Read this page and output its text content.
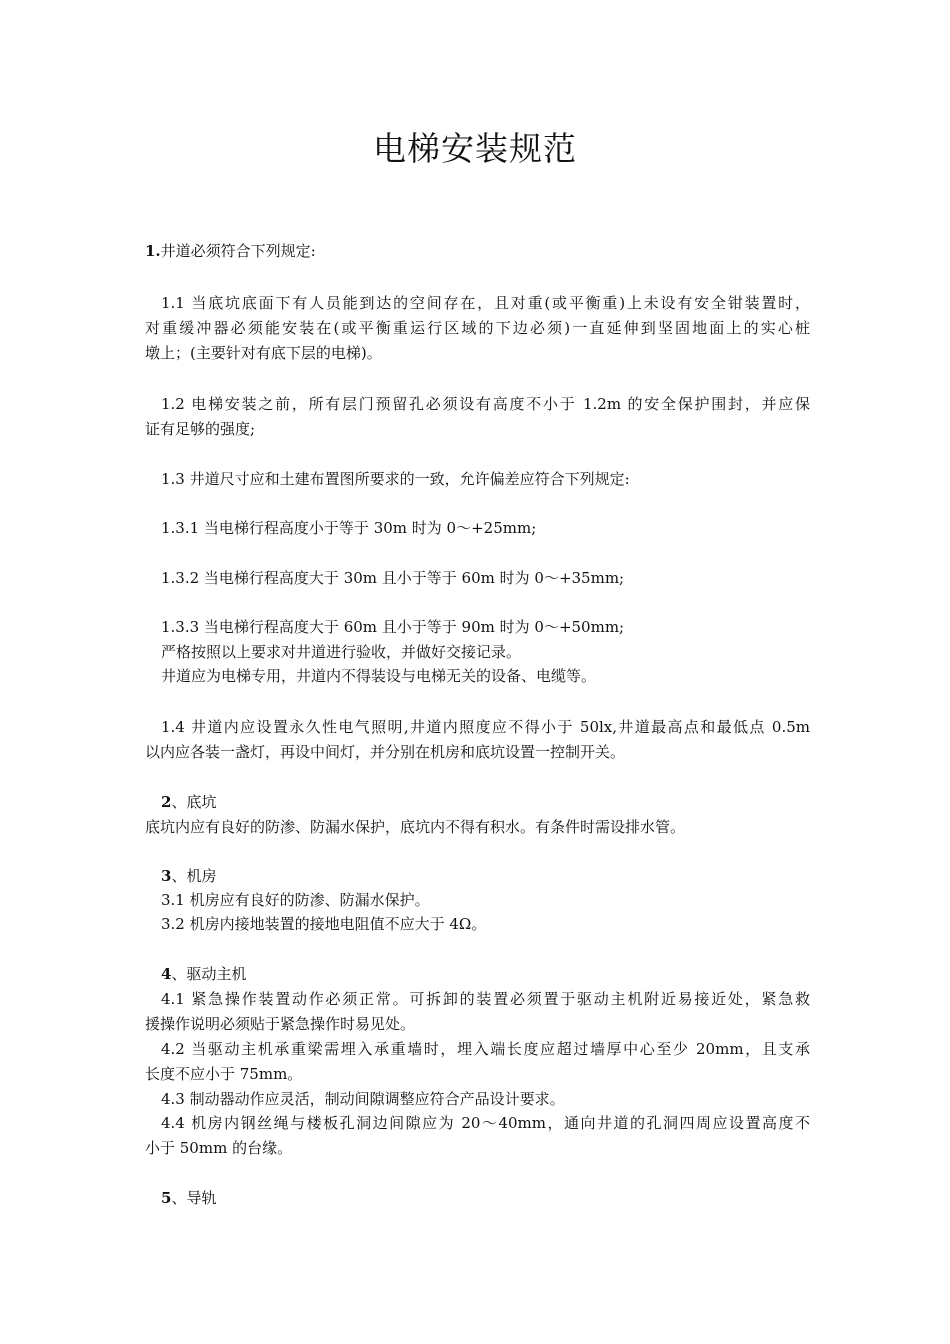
电梯安装规范
1.井道必须符合下列规定:
1.1 当底坑底面下有人员能到达的空间存在，且对重(或平衡重)上未设有安全钳装置时，
对重缓冲器必须能安装在(或平衡重运行区域的下边必须)一直延伸到坚固地面上的实心桩
墩上；(主要针对有底下层的电梯)。
1.2 电梯安装之前，所有层门预留孔必须设有高度不小于 1.2m 的安全保护围封，并应保
证有足够的强度;
1.3 井道尺寸应和土建布置图所要求的一致，允许偏差应符合下列规定:
1.3.1 当电梯行程高度小于等于 30m 时为 0～+25mm;
1.3.2 当电梯行程高度大于 30m 且小于等于 60m 时为 0～+35mm;
1.3.3 当电梯行程高度大于 60m 且小于等于 90m 时为 0～+50mm;
严格按照以上要求对井道进行验收，并做好交接记录。
井道应为电梯专用，井道内不得装设与电梯无关的设备、电缆等。
1.4 井道内应设置永久性电气照明,井道内照度应不得小于 50lx,井道最高点和最低点 0.5m
以内应各装一盏灯，再设中间灯，并分别在机房和底坑设置一控制开关。
2、底坑
底坑内应有良好的防渗、防漏水保护，底坑内不得有积水。有条件时需设排水管。
3、机房
3.1 机房应有良好的防渗、防漏水保护。
3.2 机房内接地装置的接地电阻值不应大于 4Ω。
4、驱动主机
4.1 紧急操作装置动作必须正常。可拆卸的装置必须置于驱动主机附近易接近处，紧急救
援操作说明必须贴于紧急操作时易见处。
4.2 当驱动主机承重梁需埋入承重墙时，埋入端长度应超过墙厚中心至少 20mm，且支承
长度不应小于 75mm。
4.3 制动器动作应灵活，制动间隙调整应符合产品设计要求。
4.4 机房内钢丝绳与楼板孔洞边间隙应为 20～40mm，通向井道的孔洞四周应设置高度不
小于 50mm 的台缘。
5、导轨
